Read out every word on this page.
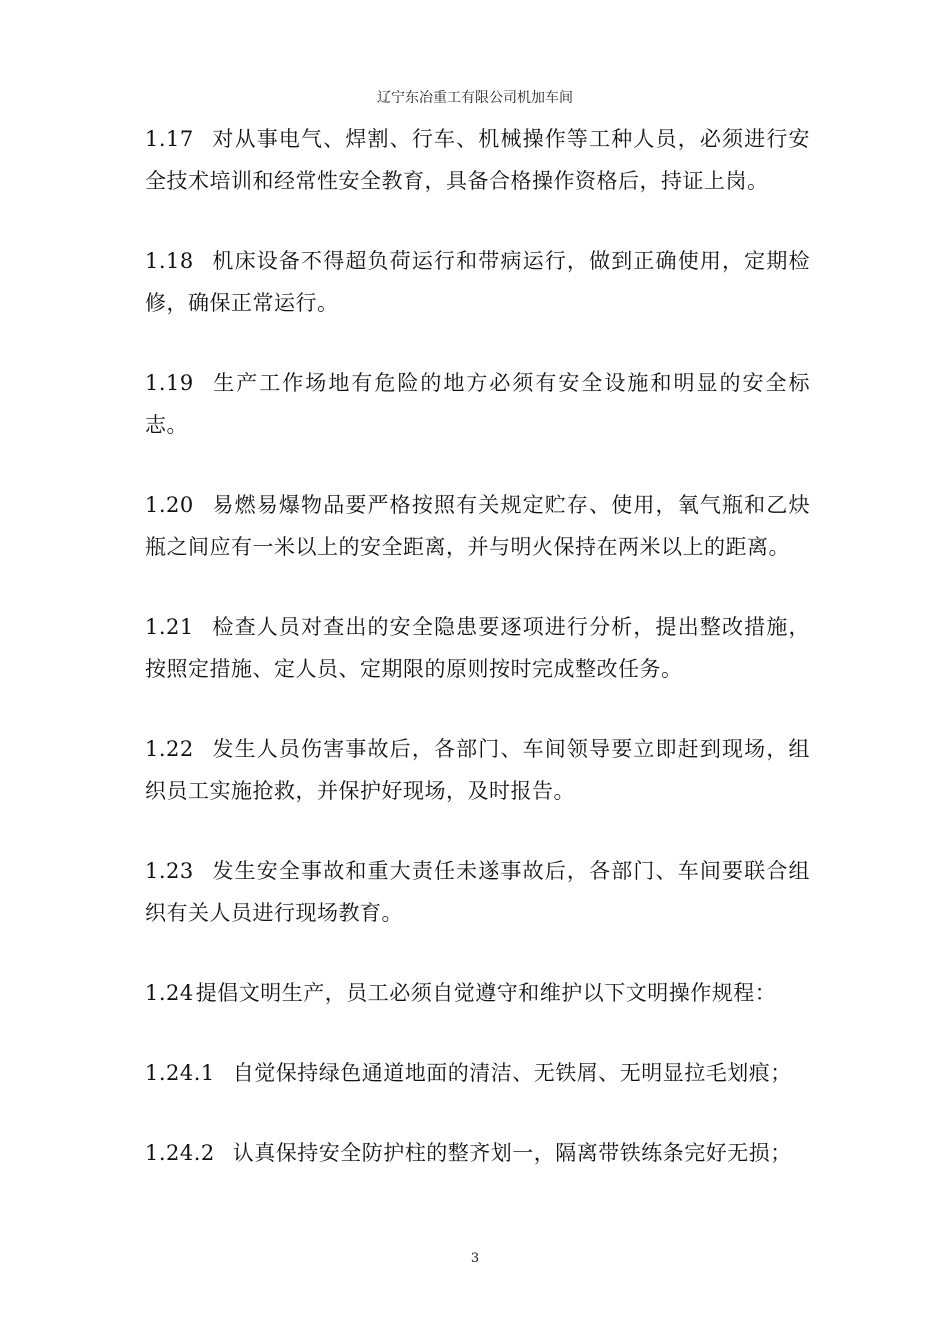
辽宁东冶重工有限公司机加车间

1.17 对从事电气、焊割、行车、机械操作等工种人员，必须进行安全技术培训和经常性安全教育，具备合格操作资格后，持证上岗。

1.18 机床设备不得超负荷运行和带病运行，做到正确使用，定期检修，确保正常运行。

1.19 生产工作场地有危险的地方必须有安全设施和明显的安全标志。

1.20 易燃易爆物品要严格按照有关规定贮存、使用，氧气瓶和乙炔瓶之间应有一米以上的安全距离，并与明火保持在两米以上的距离。

1.21 检查人员对查出的安全隐患要逐项进行分析，提出整改措施，按照定措施、定人员、定期限的原则按时完成整改任务。

1.22 发生人员伤害事故后，各部门、车间领导要立即赶到现场，组织员工实施抢救，并保护好现场，及时报告。

1.23 发生安全事故和重大责任未遂事故后，各部门、车间要联合组织有关人员进行现场教育。

1.24提倡文明生产，员工必须自觉遵守和维护以下文明操作规程：

1.24.1 自觉保持绿色通道地面的清洁、无铁屑、无明显拉毛划痕；

1.24.2 认真保持安全防护柱的整齐划一，隔离带铁练条完好无损；

3
